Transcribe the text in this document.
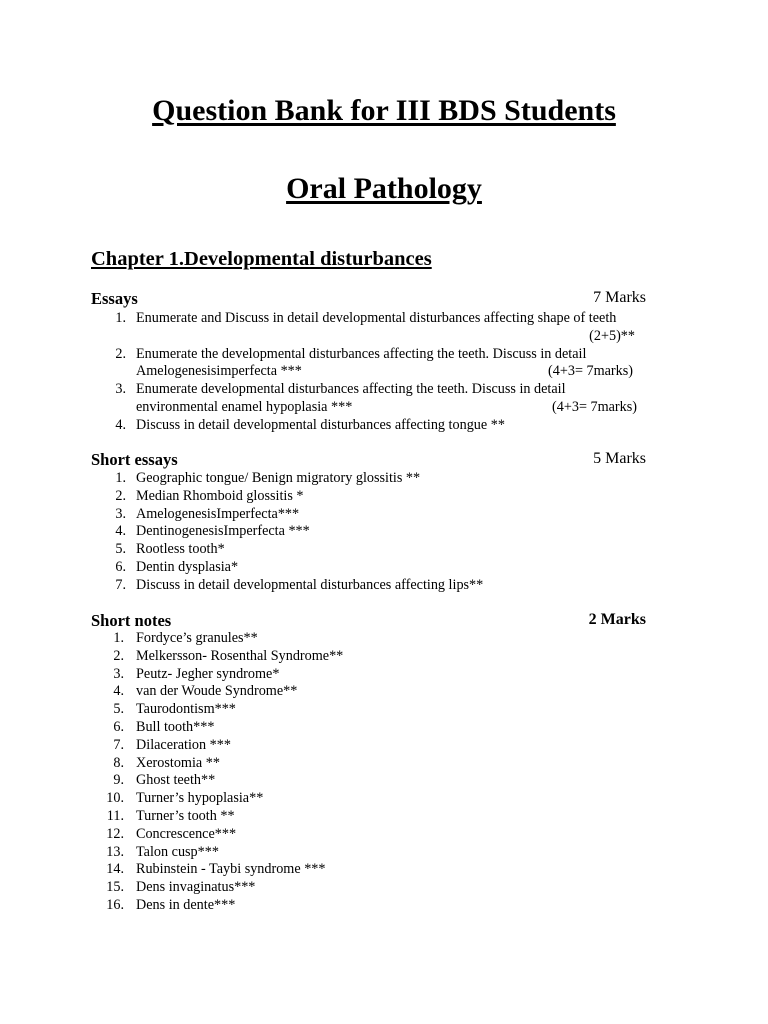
Question Bank for III BDS Students
Oral Pathology
Chapter 1.Developmental disturbances
Essays	7 Marks
1. Enumerate and Discuss in detail developmental disturbances affecting shape of teeth
(2+5)**
2. Enumerate the developmental disturbances affecting the teeth. Discuss in detail
Amelogenesisimperfecta ***	(4+3= 7marks)
3. Enumerate developmental disturbances affecting the teeth. Discuss in detail
environmental enamel hypoplasia ***	(4+3= 7marks)
4. Discuss in detail developmental disturbances affecting tongue **
Short essays	5 Marks
1. Geographic tongue/ Benign migratory glossitis **
2. Median Rhomboid glossitis *
3. AmelogenesisImperfecta***
4. DentinogenesisImperfecta ***
5. Rootless tooth*
6. Dentin dysplasia*
7. Discuss in detail developmental disturbances affecting lips**
Short notes	2 Marks
1. Fordyce’s granules**
2. Melkersson- Rosenthal Syndrome**
3. Peutz- Jegher syndrome*
4. van der Woude Syndrome**
5. Taurodontism***
6. Bull tooth***
7. Dilaceration ***
8. Xerostomia **
9. Ghost teeth**
10. Turner’s hypoplasia**
11. Turner’s tooth **
12. Concrescence***
13. Talon cusp***
14. Rubinstein - Taybi syndrome ***
15. Dens invaginatus***
16. Dens in dente***
